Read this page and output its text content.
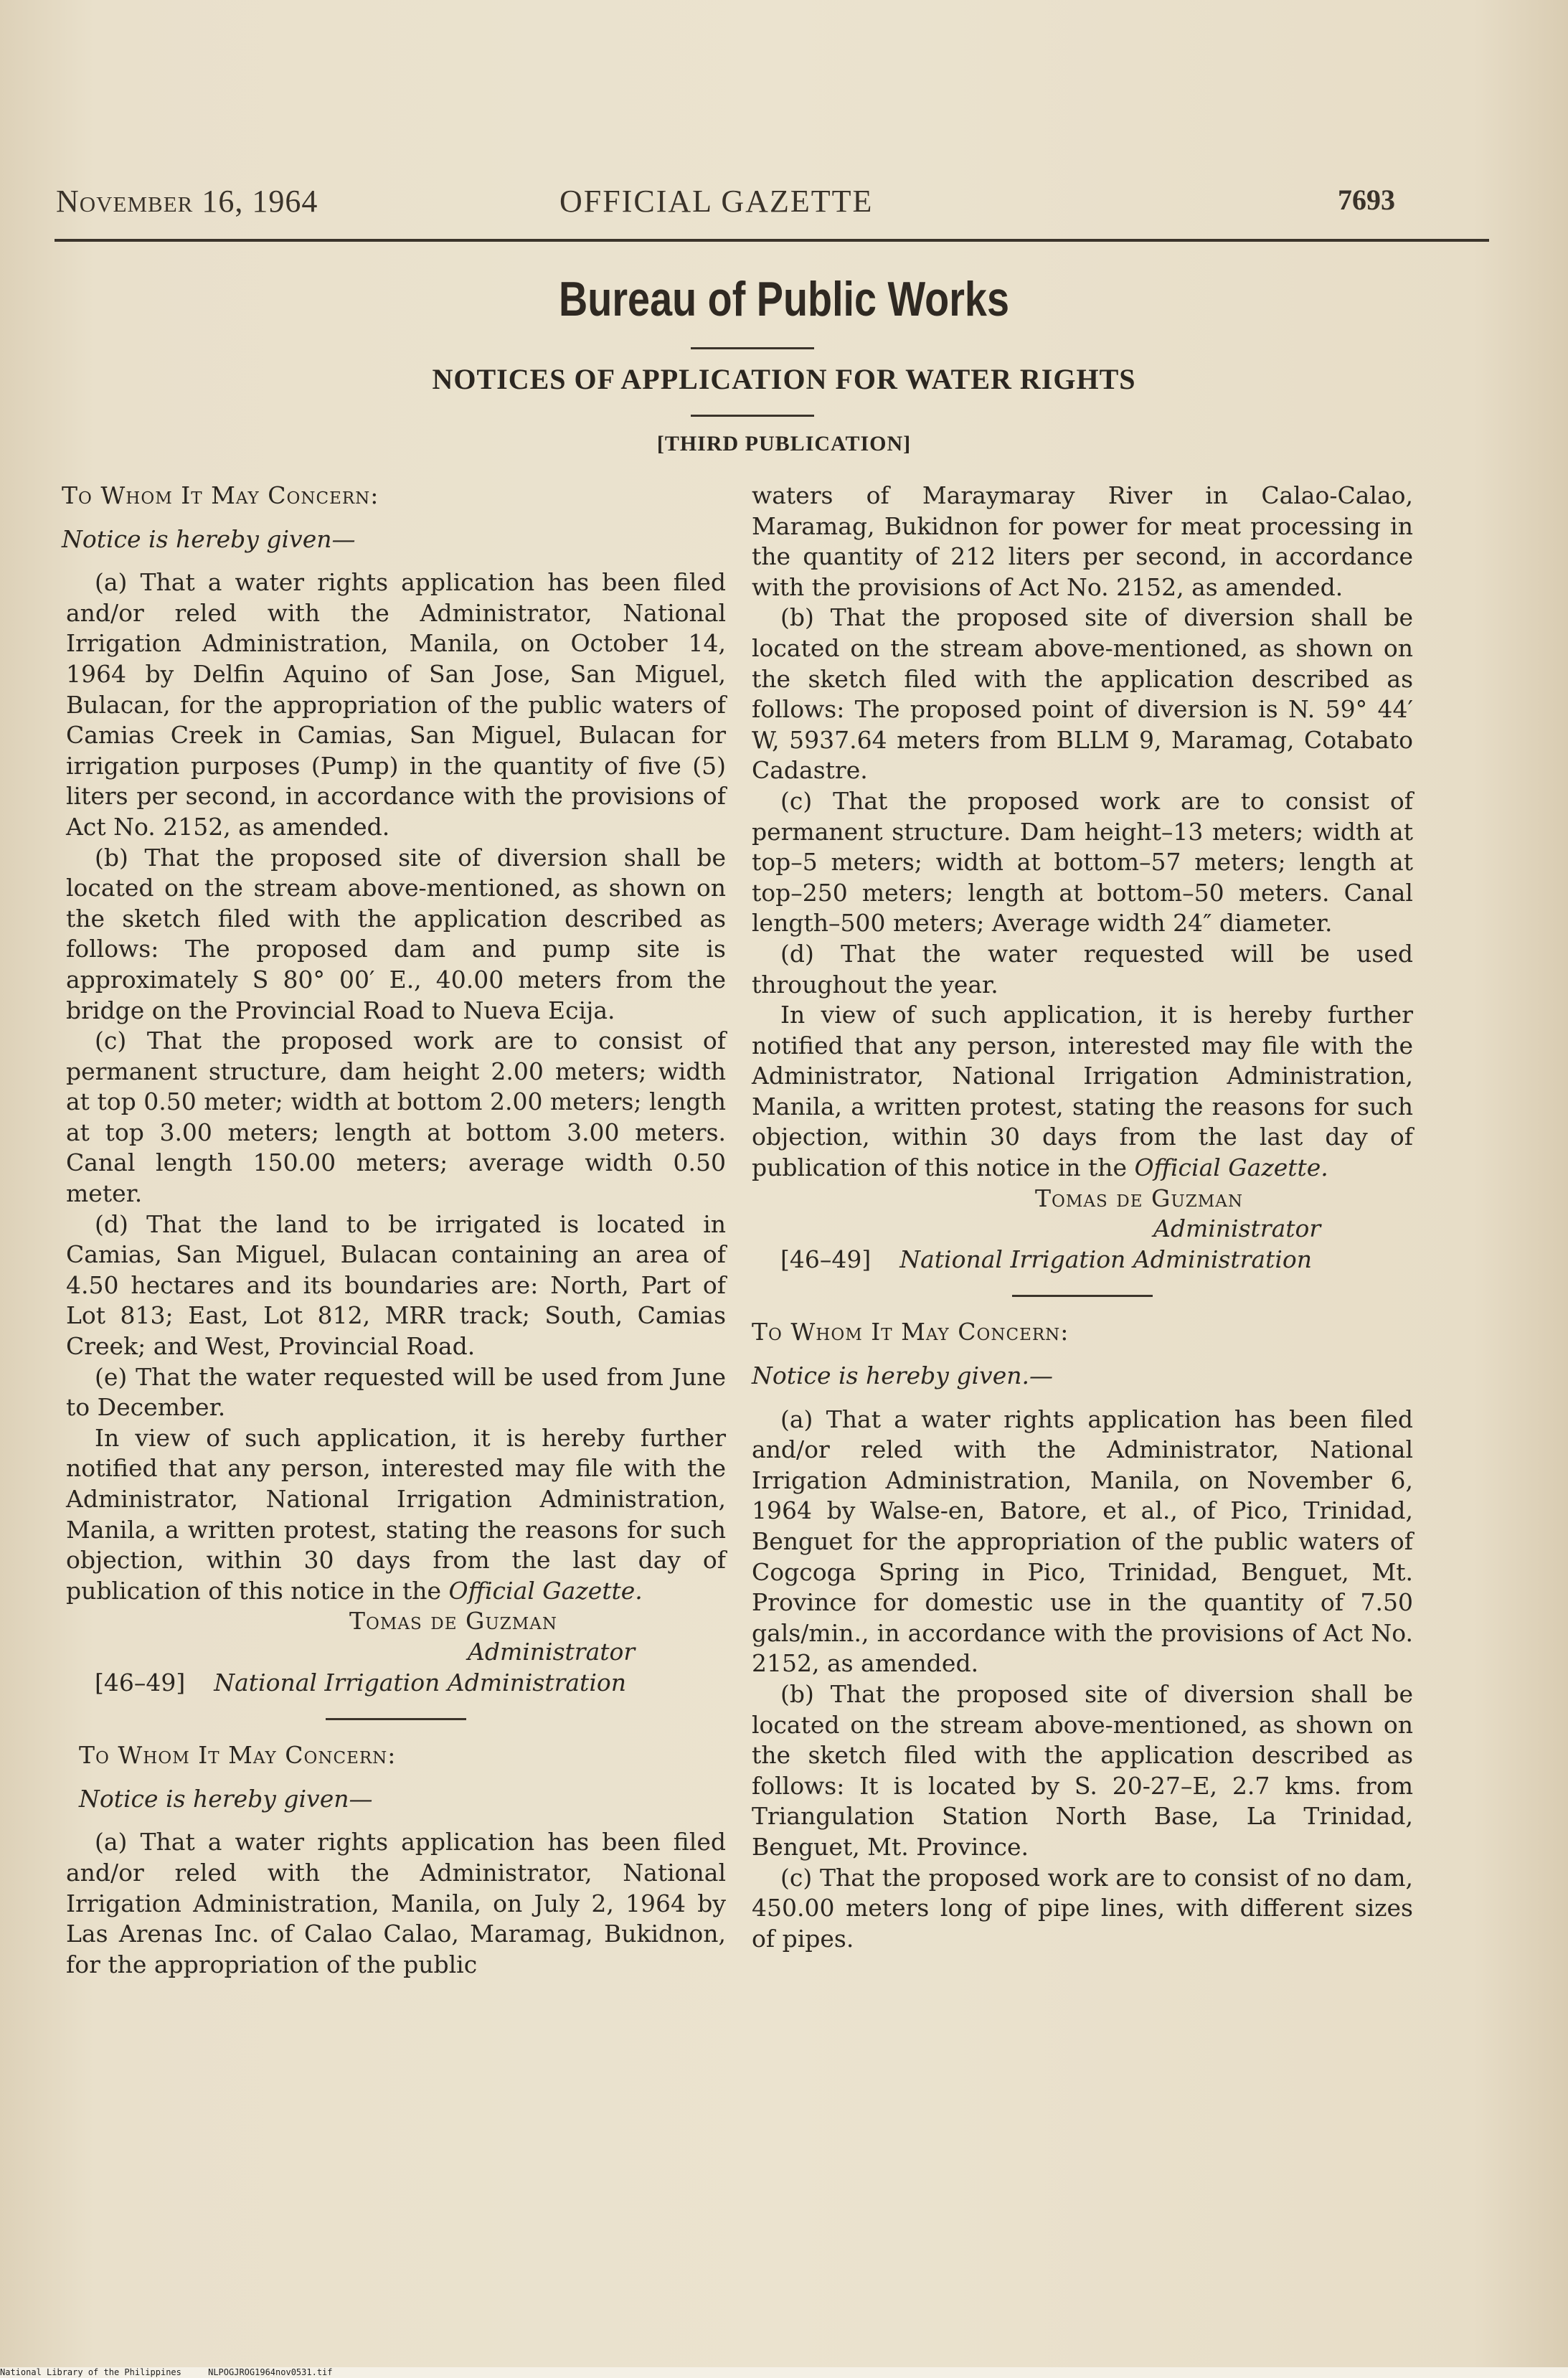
November 16, 1964	OFFICIAL GAZETTE	7693
Bureau of Public Works
NOTICES OF APPLICATION FOR WATER RIGHTS
[THIRD PUBLICATION]

To Whom It May Concern:

Notice is hereby given—

(a) That a water rights application has been filed and/or reled with the Administrator, National Irrigation Administration, Manila, on October 14, 1964 by Delfin Aquino of San Jose, San Miguel, Bulacan, for the appropriation of the public waters of Camias Creek in Camias, San Miguel, Bulacan for irrigation purposes (Pump) in the quantity of five (5) liters per second, in accordance with the provisions of Act No. 2152, as amended.

(b) That the proposed site of diversion shall be located on the stream above-mentioned, as shown on the sketch filed with the application described as follows: The proposed dam and pump site is approximately S 80° 00′ E., 40.00 meters from the bridge on the Provincial Road to Nueva Ecija.

(c) That the proposed work are to consist of permanent structure, dam height 2.00 meters; width at top 0.50 meter; width at bottom 2.00 meters; length at top 3.00 meters; length at bottom 3.00 meters. Canal length 150.00 meters; average width 0.50 meter.

(d) That the land to be irrigated is located in Camias, San Miguel, Bulacan containing an area of 4.50 hectares and its boundaries are: North, Part of Lot 813; East, Lot 812, MRR track; South, Camias Creek; and West, Provincial Road.

(e) That the water requested will be used from June to December.

In view of such application, it is hereby further notified that any person, interested may file with the Administrator, National Irrigation Administration, Manila, a written protest, stating the reasons for such objection, within 30 days from the last day of publication of this notice in the Official Gazette.

Tomas de Guzman

Administrator

[46–49] National Irrigation Administration

To Whom It May Concern:

Notice is hereby given—

(a) That a water rights application has been filed and/or reled with the Administrator, National Irrigation Administration, Manila, on July 2, 1964 by Las Arenas Inc. of Calao Calao, Maramag, Bukidnon, for the appropriation of the public

waters of Maraymaray River in Calao-Calao, Maramag, Bukidnon for power for meat processing in the quantity of 212 liters per second, in accordance with the provisions of Act No. 2152, as amended.

(b) That the proposed site of diversion shall be located on the stream above-mentioned, as shown on the sketch filed with the application described as follows: The proposed point of diversion is N. 59° 44′ W, 5937.64 meters from BLLM 9, Maramag, Cotabato Cadastre.

(c) That the proposed work are to consist of permanent structure. Dam height–13 meters; width at top–5 meters; width at bottom–57 meters; length at top–250 meters; length at bottom–50 meters. Canal length–500 meters; Average width 24″ diameter.

(d) That the water requested will be used throughout the year.

In view of such application, it is hereby further notified that any person, interested may file with the Administrator, National Irrigation Administration, Manila, a written protest, stating the reasons for such objection, within 30 days from the last day of publication of this notice in the Official Gazette.

Tomas de Guzman

Administrator

[46–49] National Irrigation Administration

To Whom It May Concern:

Notice is hereby given.—

(a) That a water rights application has been filed and/or reled with the Administrator, National Irrigation Administration, Manila, on November 6, 1964 by Walse-en, Batore, et al., of Pico, Trinidad, Benguet for the appropriation of the public waters of Cogcoga Spring in Pico, Trinidad, Benguet, Mt. Province for domestic use in the quantity of 7.50 gals/min., in accordance with the provisions of Act No. 2152, as amended.

(b) That the proposed site of diversion shall be located on the stream above-mentioned, as shown on the sketch filed with the application described as follows: It is located by S. 20-27–E, 2.7 kms. from Triangulation Station North Base, La Trinidad, Benguet, Mt. Province.

(c) That the proposed work are to consist of no dam, 450.00 meters long of pipe lines, with different sizes of pipes.

National Library of the Philippines	NLPOGJROG1964nov0531.tif
